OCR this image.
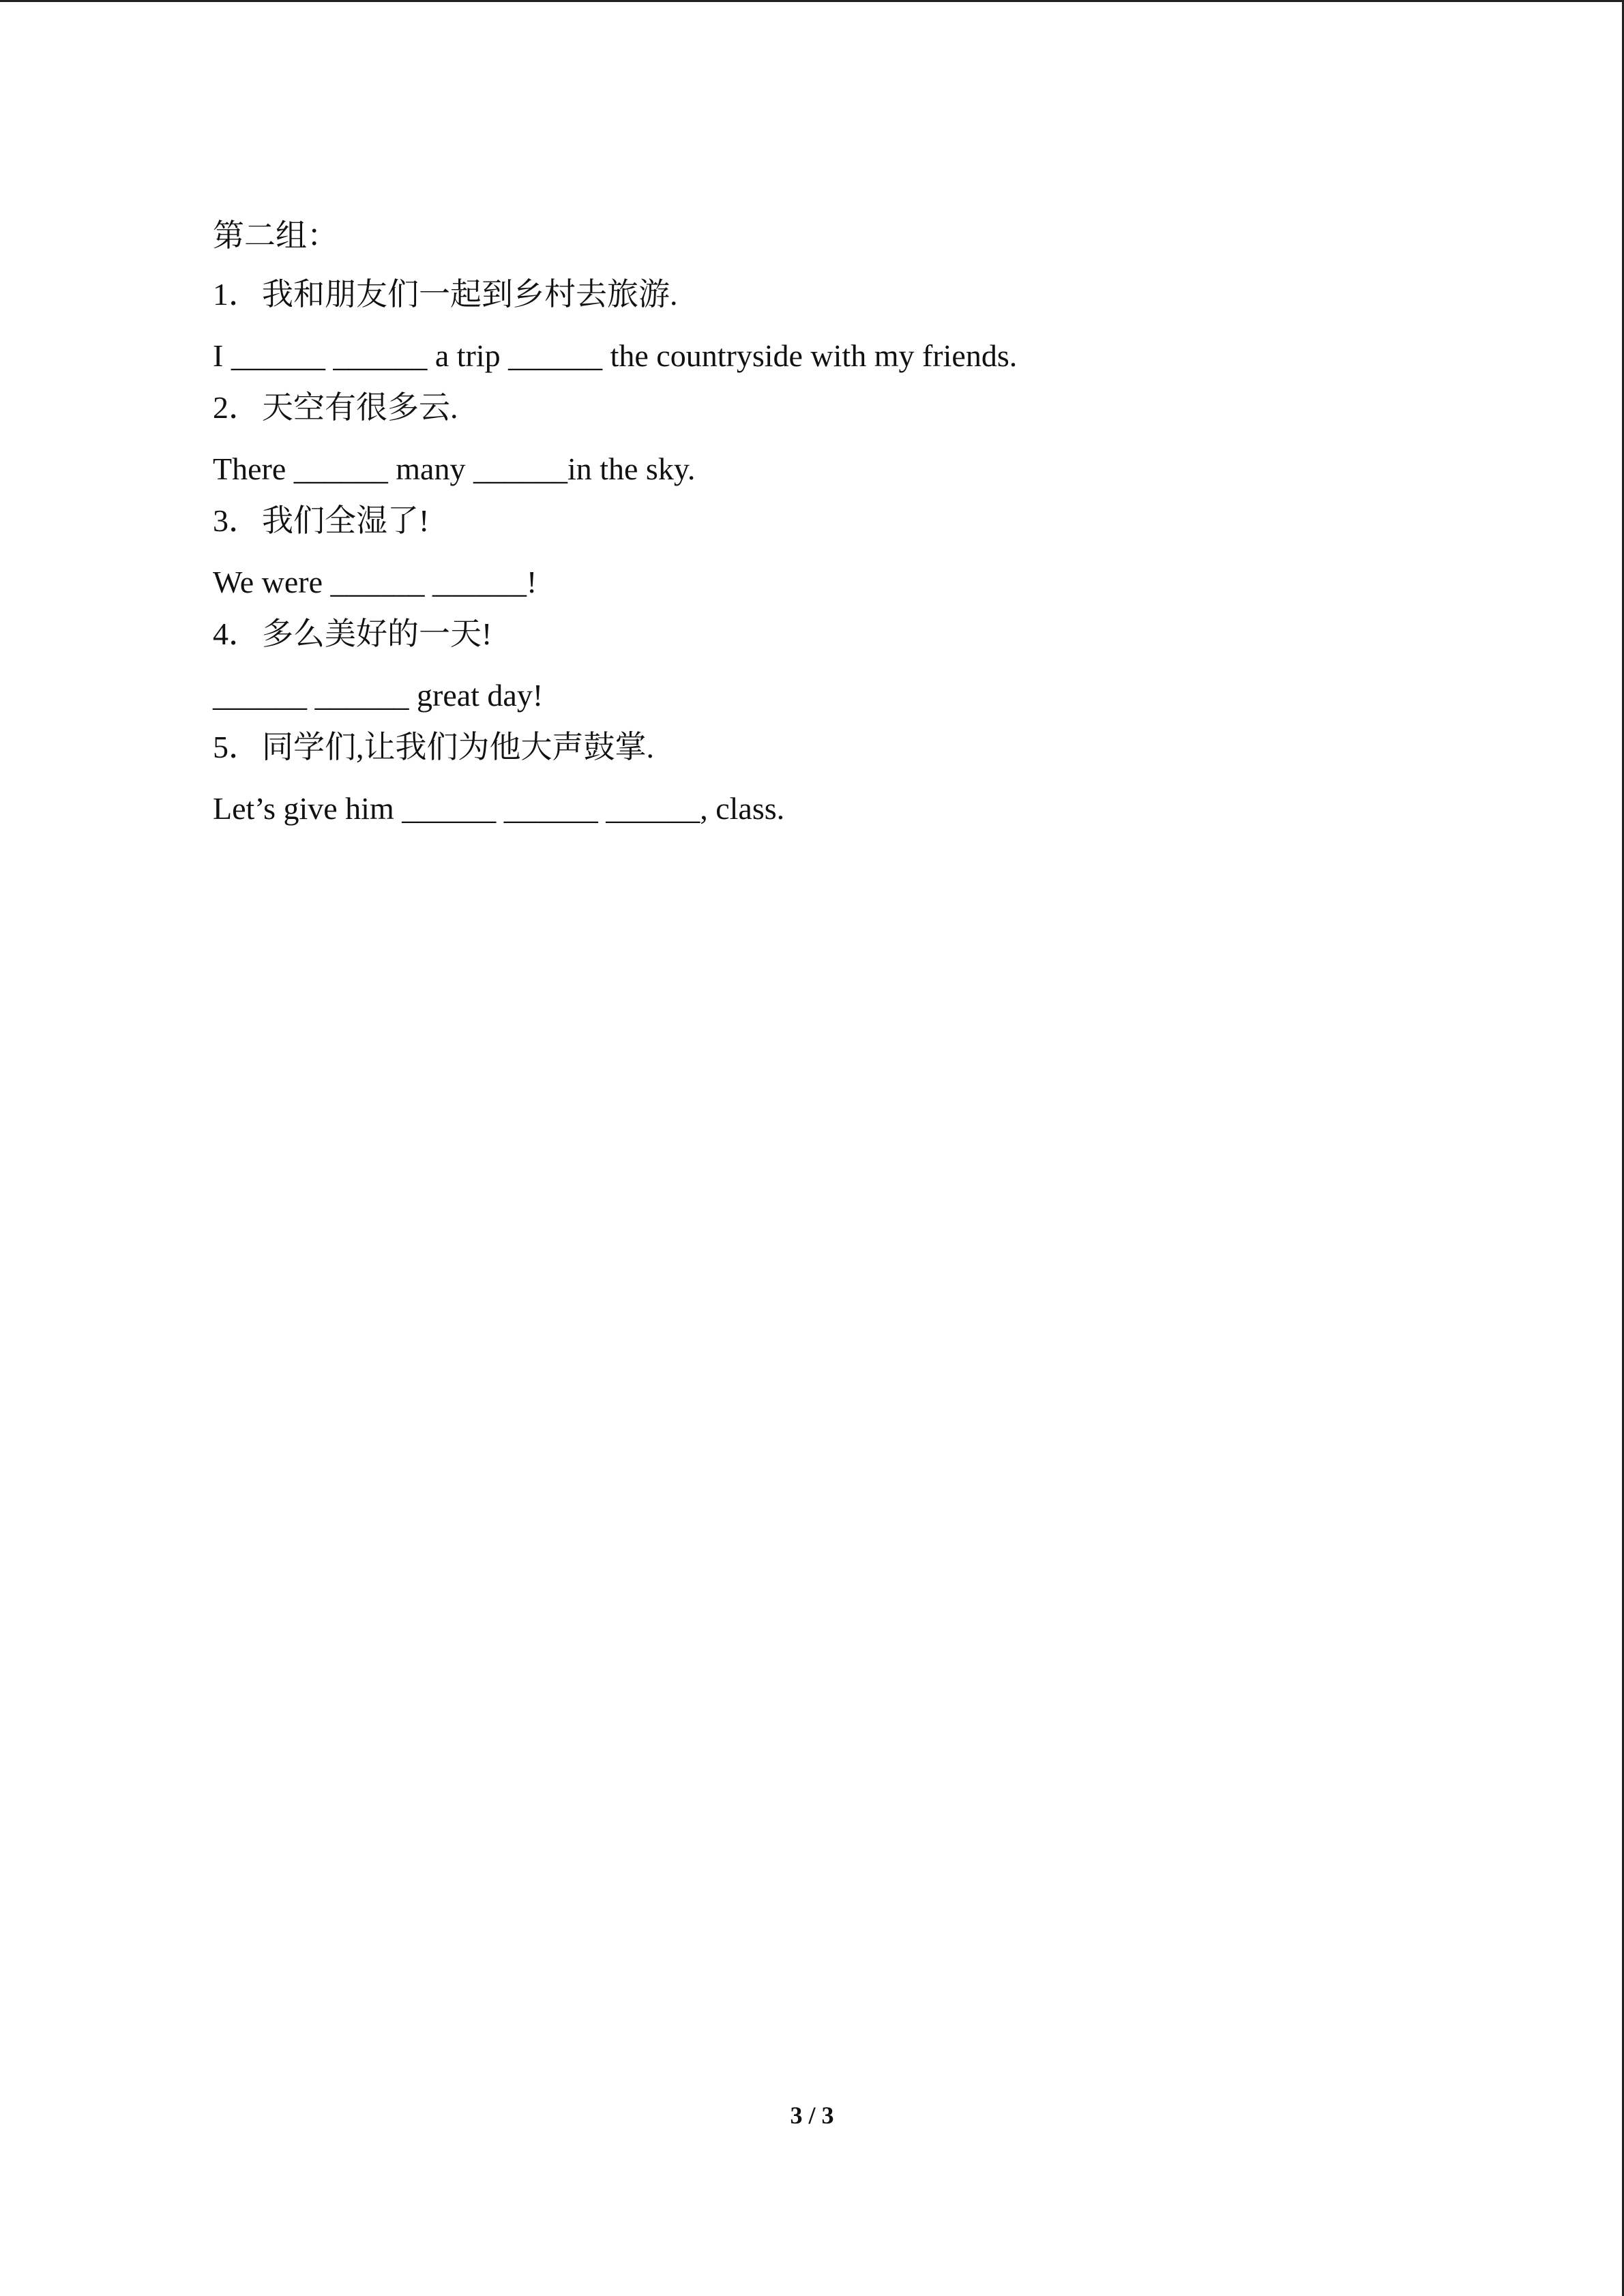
第二组：

1．我和朋友们一起到乡村去旅游.

I ______ ______ a trip ______ the countryside with my friends.

2．天空有很多云.

There ______ many ______in the sky.

3．我们全湿了!

We were ______ ______!

4．多么美好的一天!

______ ______ great day!

5．同学们,让我们为他大声鼓掌.

Let’s give him ______ ______ ______, class.

3 / 3
